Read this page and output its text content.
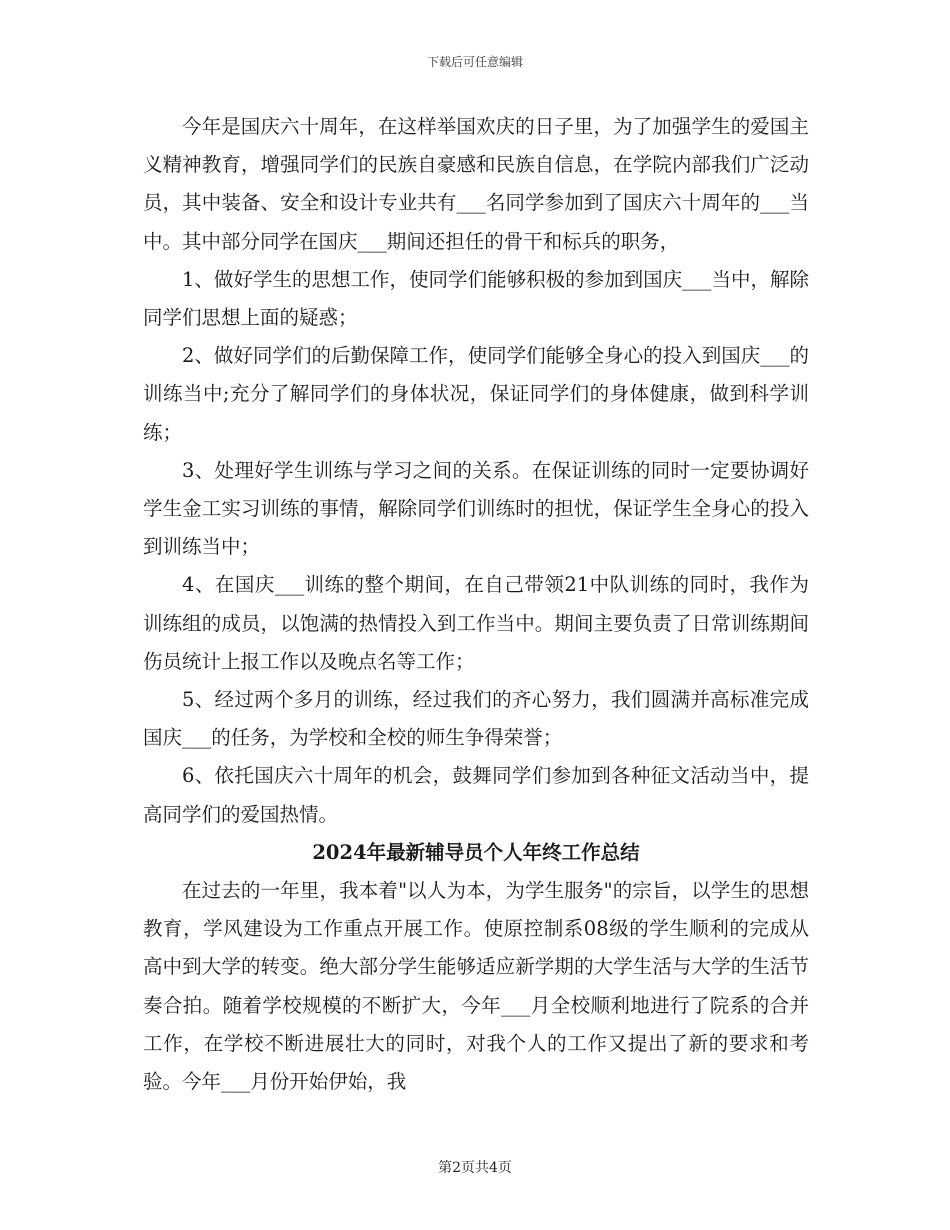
下载后可任意编辑

今年是国庆六十周年，在这样举国欢庆的日子里，为了加强学生的爱国主义精神教育，增强同学们的民族自豪感和民族自信息，在学院内部我们广泛动员，其中装备、安全和设计专业共有___名同学参加到了国庆六十周年的___当中。其中部分同学在国庆___期间还担任的骨干和标兵的职务，

1、做好学生的思想工作，使同学们能够积极的参加到国庆___当中，解除同学们思想上面的疑惑；

2、做好同学们的后勤保障工作，使同学们能够全身心的投入到国庆___的训练当中;充分了解同学们的身体状况，保证同学们的身体健康，做到科学训练；

3、处理好学生训练与学习之间的关系。在保证训练的同时一定要协调好学生金工实习训练的事情，解除同学们训练时的担忧，保证学生全身心的投入到训练当中；

4、在国庆___训练的整个期间，在自己带领21中队训练的同时，我作为训练组的成员，以饱满的热情投入到工作当中。期间主要负责了日常训练期间伤员统计上报工作以及晚点名等工作；

5、经过两个多月的训练，经过我们的齐心努力，我们圆满并高标准完成国庆___的任务，为学校和全校的师生争得荣誉；

6、依托国庆六十周年的机会，鼓舞同学们参加到各种征文活动当中，提高同学们的爱国热情。

2024年最新辅导员个人年终工作总结

在过去的一年里，我本着"以人为本，为学生服务"的宗旨，以学生的思想教育，学风建设为工作重点开展工作。使原控制系08级的学生顺利的完成从高中到大学的转变。绝大部分学生能够适应新学期的大学生活与大学的生活节奏合拍。随着学校规模的不断扩大，今年___月全校顺利地进行了院系的合并工作，在学校不断进展壮大的同时，对我个人的工作又提出了新的要求和考验。今年___月份开始伊始，我

第2页共4页
